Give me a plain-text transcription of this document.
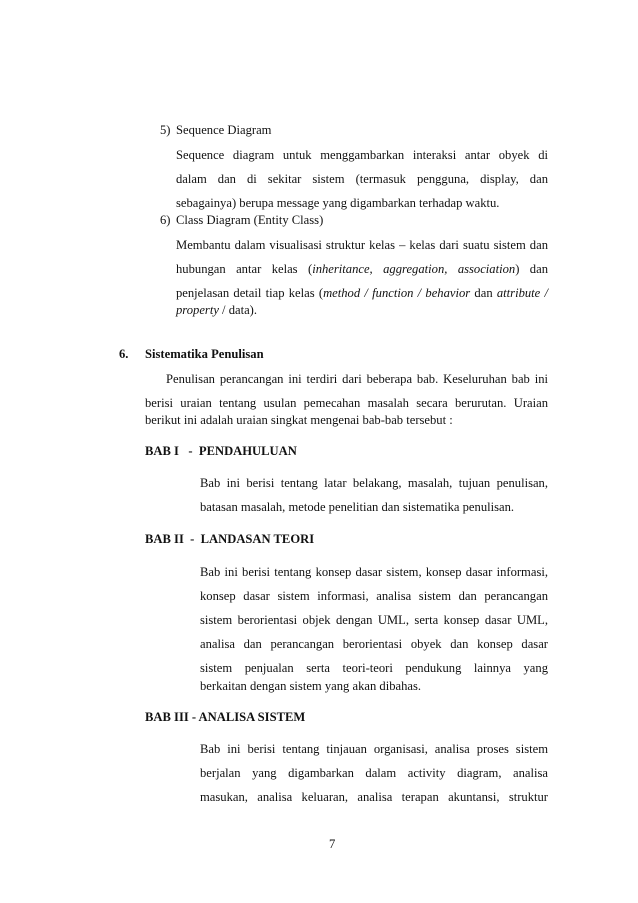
5) Sequence Diagram
Sequence diagram untuk menggambarkan interaksi antar obyek di
dalam dan di sekitar sistem (termasuk pengguna, display, dan
sebagainya) berupa message yang digambarkan terhadap waktu.
6) Class Diagram (Entity Class)
Membantu dalam visualisasi struktur kelas – kelas dari suatu sistem dan
hubungan antar kelas (inheritance, aggregation, association) dan
penjelasan detail tiap kelas (method / function / behavior dan attribute /
property / data).
6. Sistematika Penulisan
Penulisan perancangan ini terdiri dari beberapa bab. Keseluruhan bab ini
berisi uraian tentang usulan pemecahan masalah secara berurutan. Uraian
berikut ini adalah uraian singkat mengenai bab-bab tersebut :
BAB I   -  PENDAHULUAN
Bab ini berisi tentang latar belakang, masalah, tujuan penulisan,
batasan masalah, metode penelitian dan sistematika penulisan.
BAB II  -  LANDASAN TEORI
Bab ini berisi tentang konsep dasar sistem, konsep dasar informasi,
konsep dasar sistem informasi, analisa sistem dan perancangan
sistem berorientasi objek dengan UML, serta konsep dasar UML,
analisa dan perancangan berorientasi obyek dan konsep dasar
sistem penjualan serta teori-teori pendukung lainnya yang
berkaitan dengan sistem yang akan dibahas.
BAB III - ANALISA SISTEM
Bab ini berisi tentang tinjauan organisasi, analisa proses sistem
berjalan yang digambarkan dalam activity diagram, analisa
masukan, analisa keluaran, analisa terapan akuntansi, struktur
7
